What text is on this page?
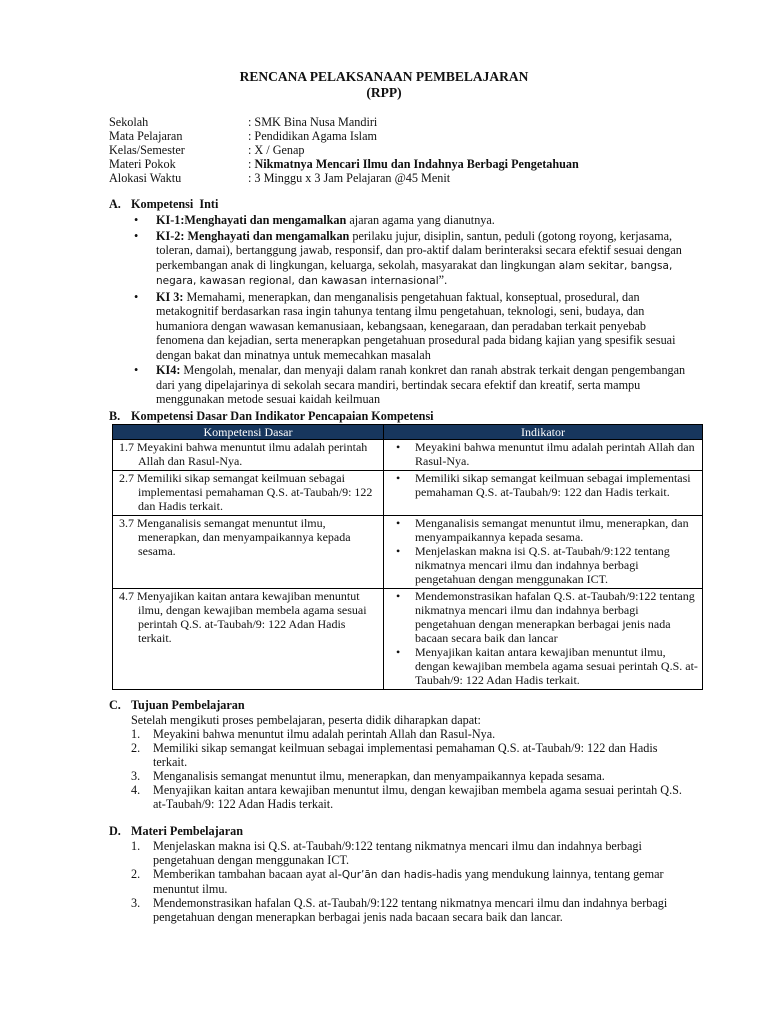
RENCANA PELAKSANAAN PEMBELAJARAN
(RPP)
Sekolah	: SMK Bina Nusa Mandiri
Mata Pelajaran	: Pendidikan Agama Islam
Kelas/Semester	: X / Genap
Materi Pokok	: Nikmatnya Mencari Ilmu dan Indahnya Berbagi Pengetahuan
Alokasi Waktu	: 3 Minggu x 3 Jam Pelajaran @45 Menit
A. Kompetensi  Inti
• KI-1:Menghayati dan mengamalkan ajaran agama yang dianutnya.
• KI-2: Menghayati dan mengamalkan perilaku jujur, disiplin, santun, peduli (gotong royong, kerjasama, toleran, damai), bertanggung jawab, responsif, dan pro-aktif dalam berinteraksi secara efektif sesuai dengan perkembangan anak di lingkungan, keluarga, sekolah, masyarakat dan lingkungan alam sekitar, bangsa, negara, kawasan regional, dan kawasan internasional”.
• KI 3: Memahami, menerapkan, dan menganalisis pengetahuan faktual, konseptual, prosedural, dan metakognitif berdasarkan rasa ingin tahunya tentang ilmu pengetahuan, teknologi, seni, budaya, dan humaniora dengan wawasan kemanusiaan, kebangsaan, kenegaraan, dan peradaban terkait penyebab fenomena dan kejadian, serta menerapkan pengetahuan prosedural pada bidang kajian yang spesifik sesuai dengan bakat dan minatnya untuk memecahkan masalah
• KI4: Mengolah, menalar, dan menyaji dalam ranah konkret dan ranah abstrak terkait dengan pengembangan dari yang dipelajarinya di sekolah secara mandiri, bertindak secara efektif dan kreatif, serta mampu menggunakan metode sesuai kaidah keilmuan
B. Kompetensi Dasar Dan Indikator Pencapaian Kompetensi
Kompetensi Dasar	Indikator

1.7 Meyakini bahwa menuntut ilmu adalah perintah Allah dan Rasul-Nya.	• Meyakini bahwa menuntut ilmu adalah perintah Allah dan Rasul-Nya.

2.7 Memiliki sikap semangat keilmuan sebagai implementasi pemahaman Q.S. at-Taubah/9: 122 dan Hadis terkait.	• Memiliki sikap semangat keilmuan sebagai implementasi pemahaman Q.S. at-Taubah/9: 122 dan Hadis terkait.

3.7 Menganalisis semangat menuntut ilmu, menerapkan, dan menyampaikannya kepada sesama.	• Menganalisis semangat menuntut ilmu, menerapkan, dan menyampaikannya kepada sesama.
• Menjelaskan makna isi Q.S. at-Taubah/9:122 tentang nikmatnya mencari ilmu dan indahnya berbagi pengetahuan dengan menggunakan ICT.

4.7 Menyajikan kaitan antara kewajiban menuntut ilmu, dengan kewajiban membela agama sesuai perintah Q.S. at-Taubah/9: 122 Adan Hadis terkait.	• Mendemonstrasikan hafalan Q.S. at-Taubah/9:122 tentang nikmatnya mencari ilmu dan indahnya berbagi pengetahuan dengan menerapkan berbagai jenis nada bacaan secara baik dan lancar
• Menyajikan kaitan antara kewajiban menuntut ilmu, dengan kewajiban membela agama sesuai perintah Q.S. at-Taubah/9: 122 Adan Hadis terkait.
C. Tujuan Pembelajaran
Setelah mengikuti proses pembelajaran, peserta didik diharapkan dapat:
1. Meyakini bahwa menuntut ilmu adalah perintah Allah dan Rasul-Nya.
2. Memiliki sikap semangat keilmuan sebagai implementasi pemahaman Q.S. at-Taubah/9: 122 dan Hadis terkait.
3. Menganalisis semangat menuntut ilmu, menerapkan, dan menyampaikannya kepada sesama.
4. Menyajikan kaitan antara kewajiban menuntut ilmu, dengan kewajiban membela agama sesuai perintah Q.S. at-Taubah/9: 122 Adan Hadis terkait.
D. Materi Pembelajaran
1. Menjelaskan makna isi Q.S. at-Taubah/9:122 tentang nikmatnya mencari ilmu dan indahnya berbagi pengetahuan dengan menggunakan ICT.
2. Memberikan tambahan bacaan ayat al-Qur’ān dan hadis-hadis yang mendukung lainnya, tentang gemar menuntut ilmu.
3. Mendemonstrasikan hafalan Q.S. at-Taubah/9:122 tentang nikmatnya mencari ilmu dan indahnya berbagi pengetahuan dengan menerapkan berbagai jenis nada bacaan secara baik dan lancar.
